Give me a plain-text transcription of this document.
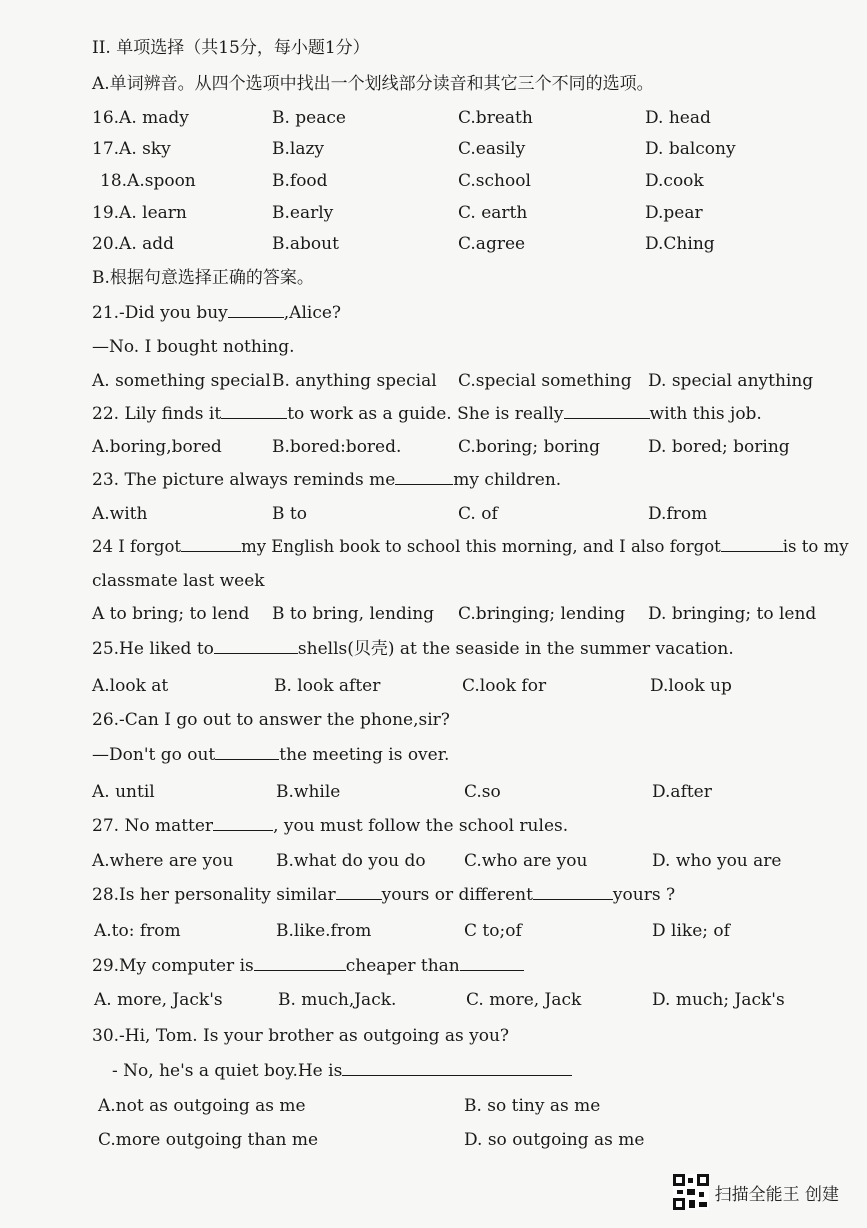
II. 单项选择（共15分，每小题1分）
A.单词辨音。从四个选项中找出一个划线部分读音和其它三个不同的选项。
16.A. mady	B. peace	C.breath	D. head
17.A. sky	B.lazy	C.easily	D. balcony
18.A.spoon	B.food	C.school	D.cook
19.A. learn	B.early	C. earth	D.pear
20.A. add	B.about	C.agree	D.Ching
B.根据句意选择正确的答案。
21.-Did you buy	,Alice?
—No. I bought nothing.
A. something special B. anything special C.special something D. special anything
22. Lily finds it	to work as a guide. She is really	with this job.
A.boring,bored	B.bored:bored.	C.boring; boring	D. bored; boring
23. The picture always reminds me	my children.
A.with	B to	C. of	D.from
24 I forgot	my English book to school this morning, and I also forgot	is to my
classmate last week
A to bring; to lend B to bring, lending C.bringing; lending D. bringing; to lend
25.He liked to	shells(贝壳) at the seaside in the summer vacation.
A.look at	B. look after	C.look for	D.look up
26.-Can I go out to answer the phone,sir?
—Don't go out	the meeting is over.
A. until	B.while	C.so	D.after
27. No matter	, you must follow the school rules.
A.where are you	B.what do you do C.who are you	D. who you are
28.Is her personality similar	yours or different	yours ?
A.to: from	B.like.from	C to;of	D like; of
29.My computer is	cheaper than
A. more, Jack's	B. much,Jack.	C. more, Jack	D. much; Jack's
30.-Hi, Tom. Is your brother as outgoing as you?
- No, he's a quiet boy.He is
A.not as outgoing as me	B. so tiny as me
C.more outgoing than me	D. so outgoing as me
扫描全能王 创建
